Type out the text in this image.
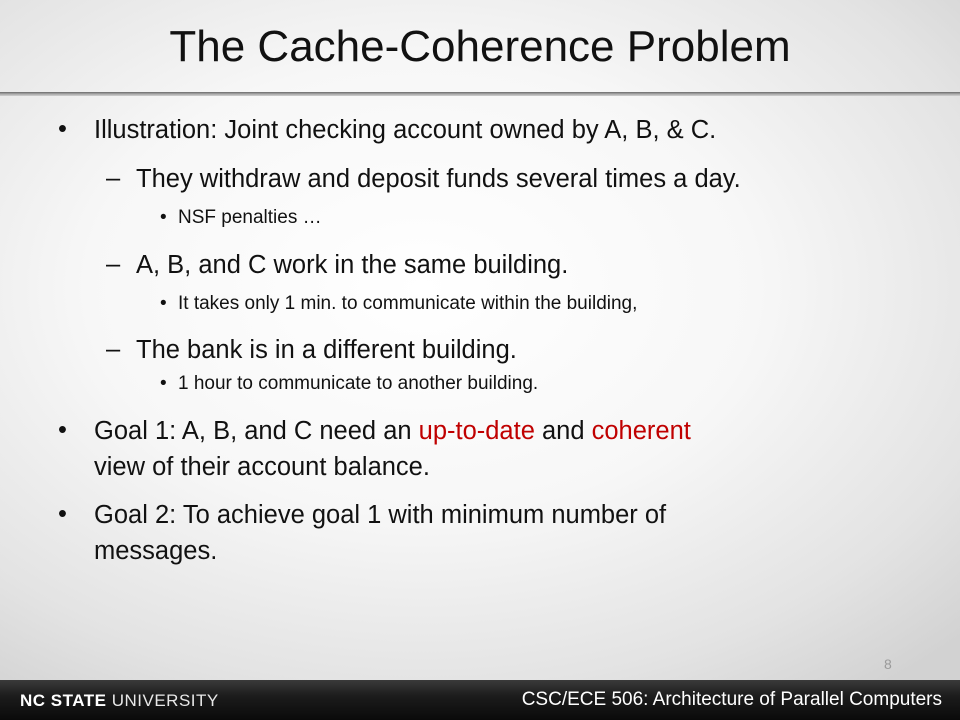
The Cache-Coherence Problem
• Illustration: Joint checking account owned by A, B, & C.
– They withdraw and deposit funds several times a day.
• NSF penalties …
– A, B, and C work in the same building.
• It takes only 1 min. to communicate within the building,
– The bank is in a different building.
• 1 hour to communicate to another building.
• Goal 1: A, B, and C need an up-to-date and coherent
view of their account balance.
• Goal 2: To achieve goal 1 with minimum number of
messages.
8
NC STATE UNIVERSITY	CSC/ECE 506: Architecture of Parallel Computers
